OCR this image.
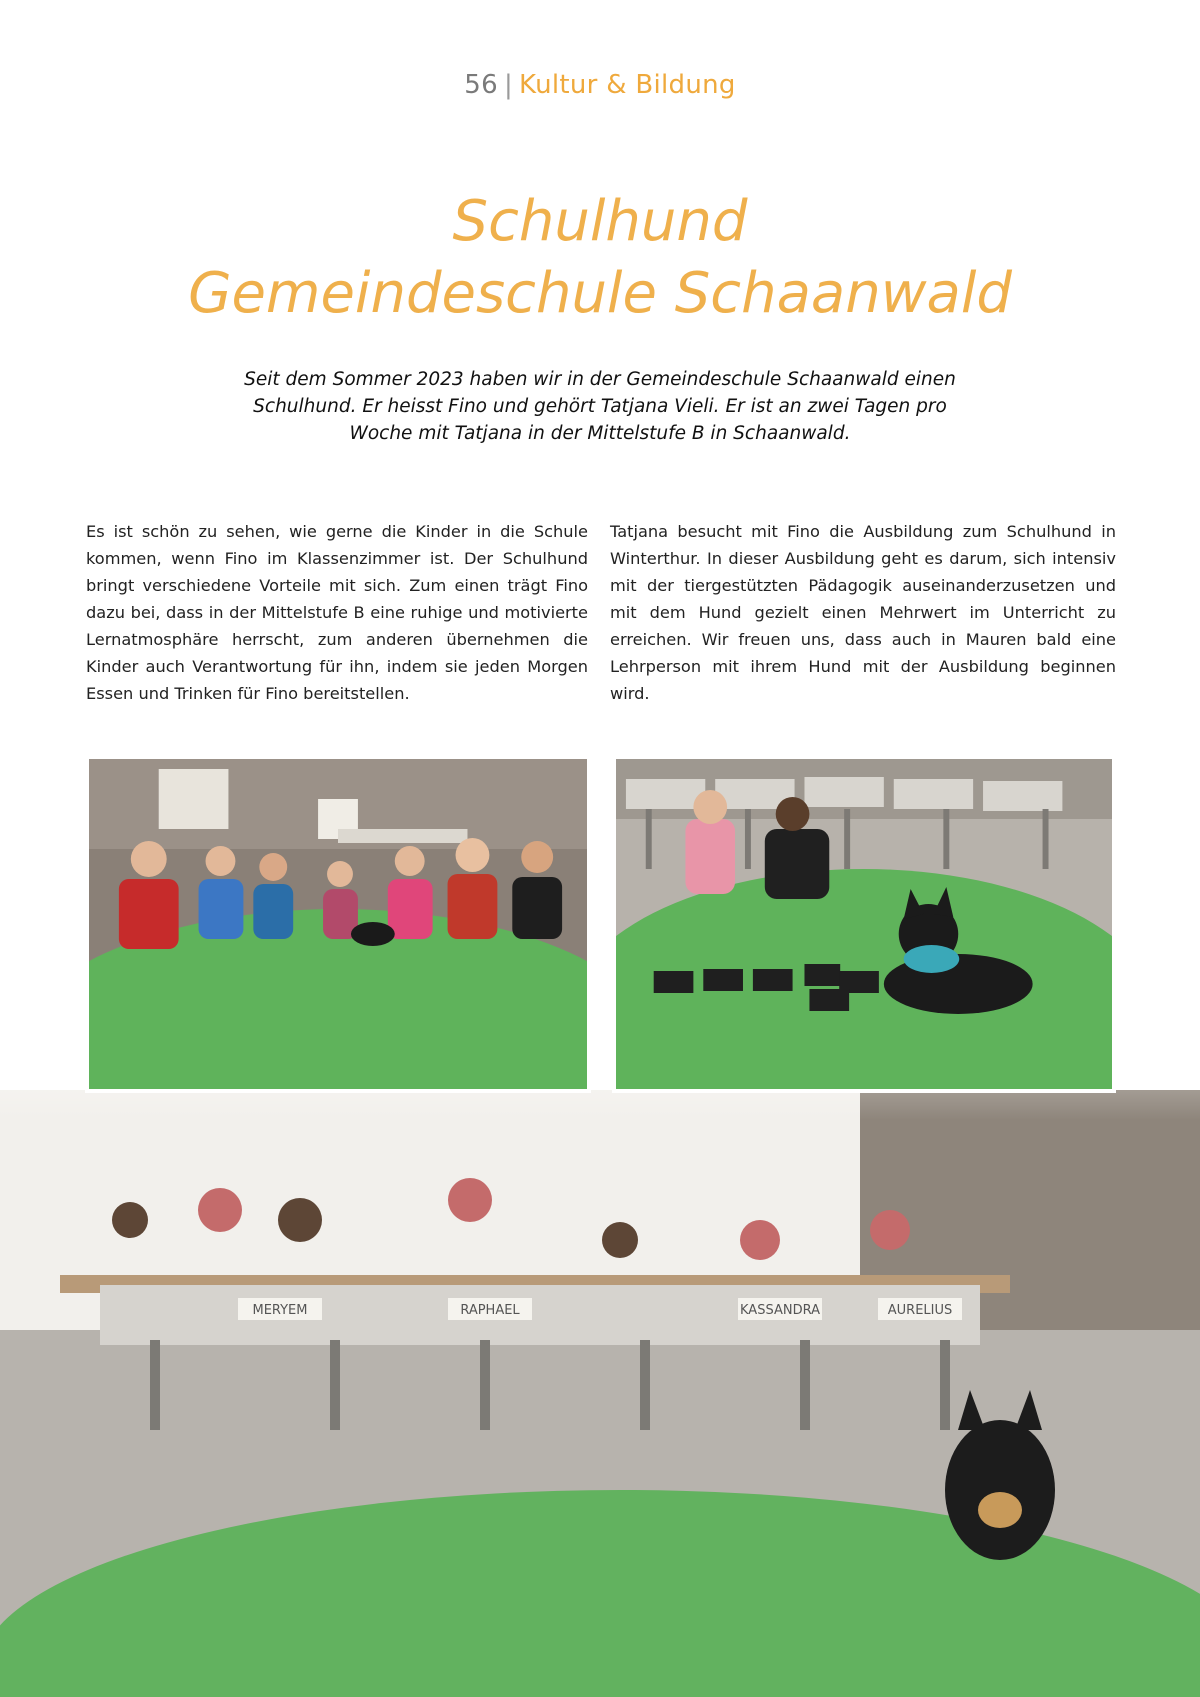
56 | Kultur & Bildung
Schulhund
Gemeindeschule Schaanwald

Seit dem Sommer 2023 haben wir in der Gemeindeschule Schaanwald einen Schulhund. Er heisst Fino und gehört Tatjana Vieli. Er ist an zwei Tagen pro Woche mit Tatjana in der Mittelstufe B in Schaanwald.

Es ist schön zu sehen, wie gerne die Kinder in die Schule kommen, wenn Fino im Klassenzimmer ist. Der Schulhund bringt verschiedene Vorteile mit sich. Zum einen trägt Fino dazu bei, dass in der Mittelstufe B eine ruhige und motivierte Lernatmosphäre herrscht, zum anderen übernehmen die Kinder auch Verantwortung für ihn, indem sie jeden Morgen Essen und Trinken für Fino bereitstellen.

Tatjana besucht mit Fino die Ausbildung zum Schulhund in Winterthur. In dieser Ausbildung geht es darum, sich intensiv mit der tiergestützten Pädagogik auseinanderzusetzen und mit dem Hund gezielt einen Mehrwert im Unterricht zu erreichen. Wir freuen uns, dass auch in Mauren bald eine Lehrperson mit ihrem Hund mit der Ausbildung beginnen wird.

MERYEM	RAPHAEL	KASSANDRA	AURELIUS
